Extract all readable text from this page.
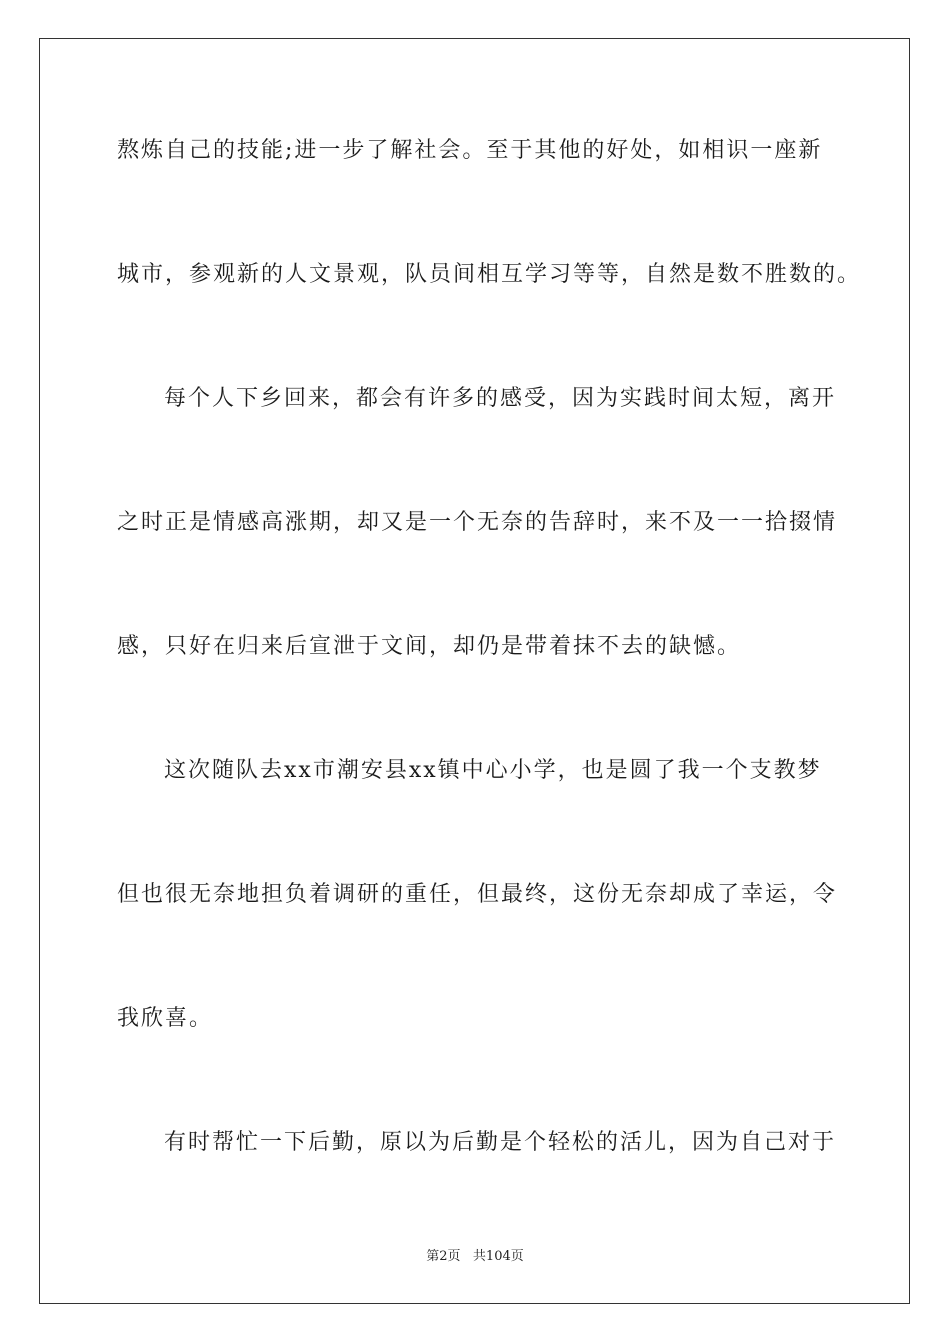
熬炼自己的技能;进一步了解社会。至于其他的好处，如相识一座新
城市，参观新的人文景观，队员间相互学习等等，自然是数不胜数的。
每个人下乡回来，都会有许多的感受，因为实践时间太短，离开
之时正是情感高涨期，却又是一个无奈的告辞时，来不及一一拾掇情
感，只好在归来后宣泄于文间，却仍是带着抹不去的缺憾。
这次随队去xx市潮安县xx镇中心小学，也是圆了我一个支教梦
但也很无奈地担负着调研的重任，但最终，这份无奈却成了幸运，令
我欣喜。
有时帮忙一下后勤，原以为后勤是个轻松的活儿，因为自己对于
第2页   共104页
